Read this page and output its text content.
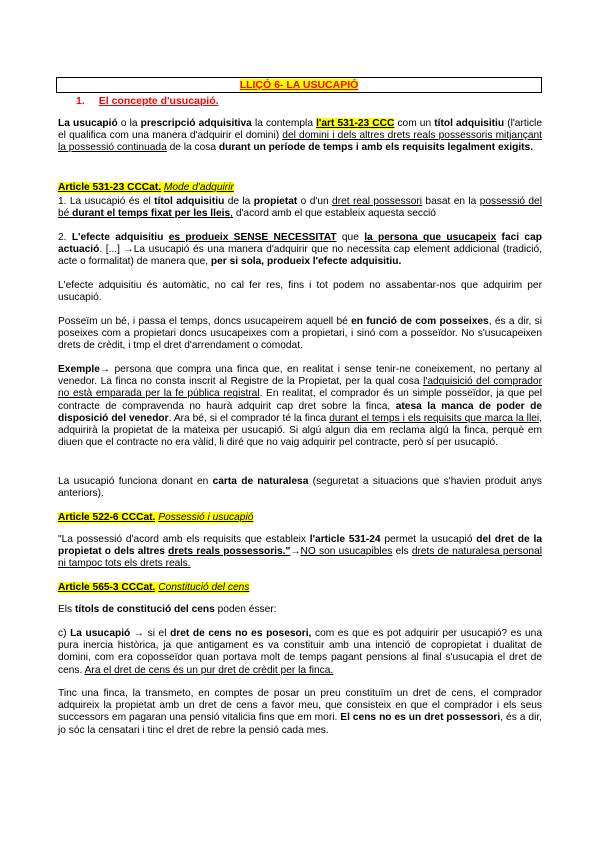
LLIÇÓ 6- LA USUCAPIÓ
1. El concepte d'usucapió.
La usucapió o la prescripció adquisitiva la contempla l'art 531-23 CCC com un títol adquisitiu (l'article el qualifica com una manera d'adquirir el domini) del domini i dels altres drets reals possessoris mitjançant la possessió continuada de la cosa durant un període de temps i amb els requisits legalment exigits.
Article 531-23 CCCat. Mode d'adquirir
1. La usucapió és el títol adquisitiu de la propietat o d'un dret real possessori basat en la possessió del bé durant el temps fixat per les lleis, d'acord amb el que estableix aquesta secció
2. L'efecte adquisitiu es produeix SENSE NECESSITAT que la persona que usucapeix faci cap actuació. [...] →La usucapió és una manera d'adquirir que no necessita cap element addicional (tradició, acte o formalitat) de manera que, per si sola, produeix l'efecte adquisitiu.
L'efecte adquisitiu és automàtic, no cal fer res, fins i tot podem no assabentar-nos que adquirim per usucapió.
Posseïm un bé, i passa el temps, doncs usucapeirem aquell bé en funció de com posseixes, és a dir, si poseixes com a propietari doncs usucapeixes com a propietari, i sinó com a posseïdor. No s'usucapeixen drets de crèdit, i tmp el dret d'arrendament o comodat.
Exemple→ persona que compra una finca que, en realitat i sense tenir-ne coneixement, no pertany al venedor. La finca no consta inscrit al Registre de la Propietat, per la qual cosa l'adquisició del comprador no està emparada per la fe pública registral. En realitat, el comprador és un simple posseïdor, ja que pel contracte de compravenda no haurà adquirit cap dret sobre la finca, atesa la manca de poder de disposició del venedor. Ara bé, si el comprador té la finca durant el temps i els requisits que marca la llei, adquirirà la propietat de la mateixa per usucapió. Si algú algun dia em reclama algú la finca, perquè em diuen que el contracte no era vàlid, li diré que no vaig adquirir pel contracte, però sí per usucapió.
La usucapió funciona donant en carta de naturalesa (seguretat a situacions que s'havien produit anys anteriors).
Article 522-6 CCCat. Possessió i usucapió
"La possessió d'acord amb els requisits que estableix l'article 531-24 permet la usucapió del dret de la propietat o dels altres drets reals possessoris."→NO son usucapibles els drets de naturalesa personal ni tampoc tots els drets reals.
Article 565-3 CCCat. Constitució del cens
Els títols de constitució del cens poden ésser:
c) La usucapió → si el dret de cens no es posesori, com es que es pot adquirir per usucapió? es una pura inercia històrica, ja que antigament es va constituir amb una intenció de copropietat i dualitat de domini, com era coposseïdor quan portava molt de temps pagant pensions al final s'usucapia el dret de cens. Ara el dret de cens és un pur dret de crèdit per la finca.
Tinc una finca, la transmeto, en comptes de posar un preu constituïm un dret de cens, el comprador adquireix la propietat amb un dret de cens a favor meu, que consisteix en que el comprador i els seus successors em pagaran una pensió vitalicia fins que em mori. El cens no es un dret possessori, és a dir, jo sóc la censatari i tinc el dret de rebre la pensió cada mes.
